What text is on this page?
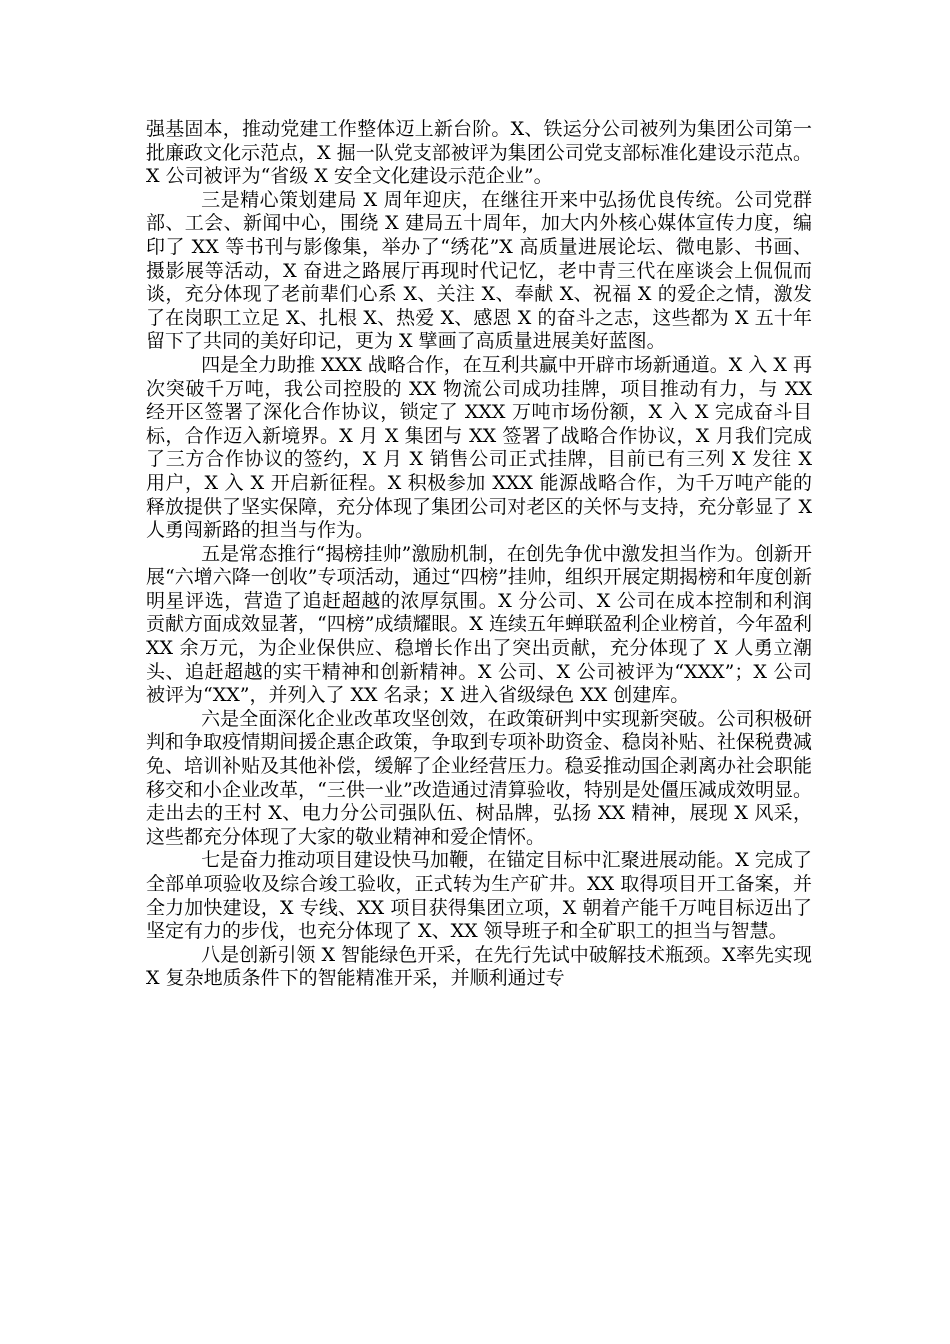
强基固本，推动党建工作整体迈上新台阶。X、铁运分公司被列为集团公司第一批廉政文化示范点，X 掘一队党支部被评为集团公司党支部标准化建设示范点。X 公司被评为“省级 X 安全文化建设示范企业”。

三是精心策划建局 X 周年迎庆，在继往开来中弘扬优良传统。公司党群部、工会、新闻中心，围绕 X 建局五十周年，加大内外核心媒体宣传力度，编印了 XX 等书刊与影像集，举办了“绣花”X 高质量进展论坛、微电影、书画、摄影展等活动，X 奋进之路展厅再现时代记忆，老中青三代在座谈会上侃侃而谈，充分体现了老前辈们心系 X、关注 X、奉献 X、祝福 X 的爱企之情，激发了在岗职工立足 X、扎根 X、热爱 X、感恩 X 的奋斗之志，这些都为 X 五十年留下了共同的美好印记，更为 X 擘画了高质量进展美好蓝图。

四是全力助推 XXX 战略合作，在互利共赢中开辟市场新通道。X 入 X 再次突破千万吨，我公司控股的 XX 物流公司成功挂牌，项目推动有力，与 XX 经开区签署了深化合作协议，锁定了 XXX 万吨市场份额，X 入 X 完成奋斗目标，合作迈入新境界。X 月 X 集团与 XX 签署了战略合作协议，X 月我们完成了三方合作协议的签约，X 月 X 销售公司正式挂牌，目前已有三列 X 发往 X 用户，X 入 X 开启新征程。X 积极参加 XXX 能源战略合作，为千万吨产能的释放提供了坚实保障，充分体现了集团公司对老区的关怀与支持，充分彰显了 X 人勇闯新路的担当与作为。

五是常态推行“揭榜挂帅”激励机制，在创先争优中激发担当作为。创新开展“六增六降一创收”专项活动，通过“四榜”挂帅，组织开展定期揭榜和年度创新明星评选，营造了追赶超越的浓厚氛围。X 分公司、X 公司在成本控制和利润贡献方面成效显著，“四榜”成绩耀眼。X 连续五年蝉联盈利企业榜首，今年盈利 XX 余万元，为企业保供应、稳增长作出了突出贡献，充分体现了 X 人勇立潮头、追赶超越的实干精神和创新精神。X 公司、X 公司被评为“XXX”；X 公司被评为“XX”，并列入了 XX 名录；X 进入省级绿色 XX 创建库。

六是全面深化企业改革攻坚创效，在政策研判中实现新突破。公司积极研判和争取疫情期间援企惠企政策，争取到专项补助资金、稳岗补贴、社保税费减免、培训补贴及其他补偿，缓解了企业经营压力。稳妥推动国企剥离办社会职能移交和小企业改革，“三供一业”改造通过清算验收，特别是处僵压减成效明显。走出去的王村 X、电力分公司强队伍、树品牌，弘扬 XX 精神，展现 X 风采，这些都充分体现了大家的敬业精神和爱企情怀。

七是奋力推动项目建设快马加鞭，在锚定目标中汇聚进展动能。X 完成了全部单项验收及综合竣工验收，正式转为生产矿井。XX 取得项目开工备案，并全力加快建设，X 专线、XX 项目获得集团立项，X 朝着产能千万吨目标迈出了坚定有力的步伐，也充分体现了 X、XX 领导班子和全矿职工的担当与智慧。

八是创新引领 X 智能绿色开采，在先行先试中破解技术瓶颈。X率先实现 X 复杂地质条件下的智能精准开采，并顺利通过专
